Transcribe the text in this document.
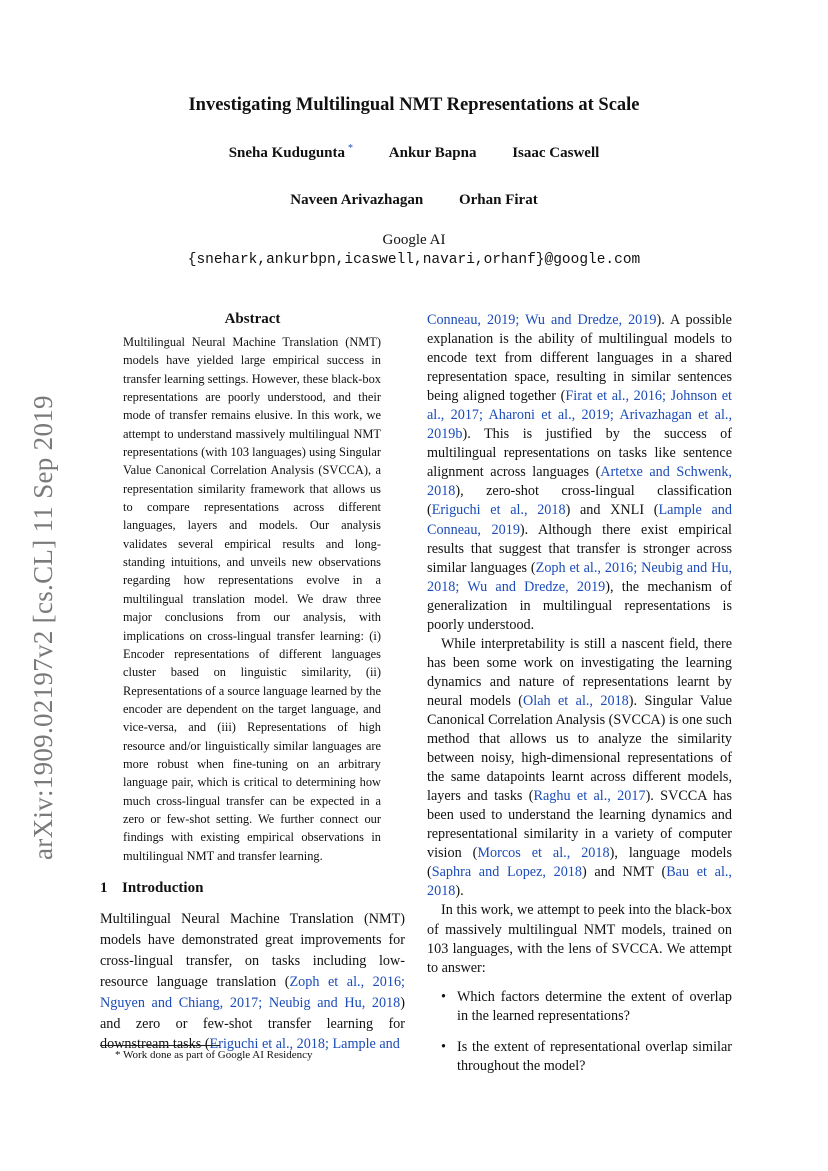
arXiv:1909.02197v2 [cs.CL] 11 Sep 2019
Investigating Multilingual NMT Representations at Scale
Sneha Kudugunta * Ankur Bapna Isaac Caswell
Naveen Arivazhagan Orhan Firat
Google AI
{snehark,ankurbpn,icaswell,navari,orhanf}@google.com
Abstract
Multilingual Neural Machine Translation (NMT) models have yielded large empirical success in transfer learning settings. However, these black-box representations are poorly understood, and their mode of transfer remains elusive. In this work, we attempt to understand massively multilingual NMT representations (with 103 languages) using Singular Value Canonical Correlation Analysis (SVCCA), a representation similarity framework that allows us to compare representations across different languages, layers and models. Our analysis validates several empirical results and long-standing intuitions, and unveils new observations regarding how representations evolve in a multilingual translation model. We draw three major conclusions from our analysis, with implications on cross-lingual transfer learning: (i) Encoder representations of different languages cluster based on linguistic similarity, (ii) Representations of a source language learned by the encoder are dependent on the target language, and vice-versa, and (iii) Representations of high resource and/or linguistically similar languages are more robust when fine-tuning on an arbitrary language pair, which is critical to determining how much cross-lingual transfer can be expected in a zero or few-shot setting. We further connect our findings with existing empirical observations in multilingual NMT and transfer learning.
1 Introduction
Multilingual Neural Machine Translation (NMT) models have demonstrated great improvements for cross-lingual transfer, on tasks including low-resource language translation (Zoph et al., 2016; Nguyen and Chiang, 2017; Neubig and Hu, 2018) and zero or few-shot transfer learning for downstream tasks (Eriguchi et al., 2018; Lample and
* Work done as part of Google AI Residency

Conneau, 2019; Wu and Dredze, 2019). A possible explanation is the ability of multilingual models to encode text from different languages in a shared representation space, resulting in similar sentences being aligned together (Firat et al., 2016; Johnson et al., 2017; Aharoni et al., 2019; Arivazhagan et al., 2019b). This is justified by the success of multilingual representations on tasks like sentence alignment across languages (Artetxe and Schwenk, 2018), zero-shot cross-lingual classification (Eriguchi et al., 2018) and XNLI (Lample and Conneau, 2019). Although there exist empirical results that suggest that transfer is stronger across similar languages (Zoph et al., 2016; Neubig and Hu, 2018; Wu and Dredze, 2019), the mechanism of generalization in multilingual representations is poorly understood.

While interpretability is still a nascent field, there has been some work on investigating the learning dynamics and nature of representations learnt by neural models (Olah et al., 2018). Singular Value Canonical Correlation Analysis (SVCCA) is one such method that allows us to analyze the similarity between noisy, high-dimensional representations of the same datapoints learnt across different models, layers and tasks (Raghu et al., 2017). SVCCA has been used to understand the learning dynamics and representational similarity in a variety of computer vision (Morcos et al., 2018), language models (Saphra and Lopez, 2018) and NMT (Bau et al., 2018).

In this work, we attempt to peek into the black-box of massively multilingual NMT models, trained on 103 languages, with the lens of SVCCA. We attempt to answer:

• Which factors determine the extent of overlap in the learned representations?
• Is the extent of representational overlap similar throughout the model?
